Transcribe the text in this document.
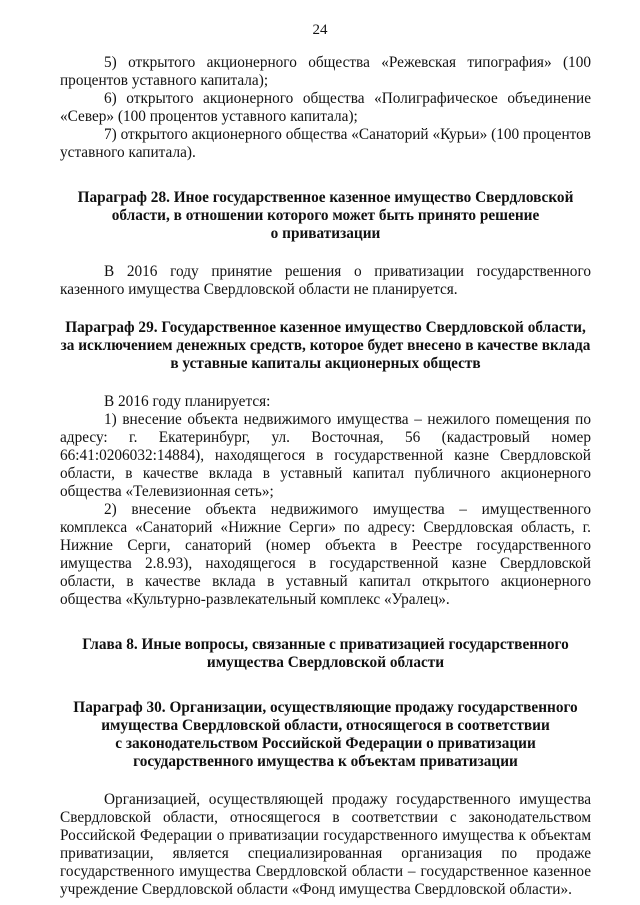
24

5) открытого акционерного общества «Режевская типография» (100 процентов уставного капитала);

6) открытого акционерного общества «Полиграфическое объединение «Север» (100 процентов уставного капитала);

7) открытого акционерного общества «Санаторий «Курьи» (100 процентов уставного капитала).

Параграф 28. Иное государственное казенное имущество Свердловской
области, в отношении которого может быть принято решение
о приватизации

В 2016 году принятие решения о приватизации государственного казенного имущества Свердловской области не планируется.

Параграф 29. Государственное казенное имущество Свердловской области,
за исключением денежных средств, которое будет внесено в качестве вклада
в уставные капиталы акционерных обществ

В 2016 году планируется:

1) внесение объекта недвижимого имущества – нежилого помещения по адресу: г. Екатеринбург, ул. Восточная, 56 (кадастровый номер 66:41:0206032:14884), находящегося в государственной казне Свердловской области, в качестве вклада в уставный капитал публичного акционерного общества «Телевизионная сеть»;

2) внесение объекта недвижимого имущества – имущественного комплекса «Санаторий «Нижние Серги» по адресу: Свердловская область, г. Нижние Серги, санаторий (номер объекта в Реестре государственного имущества 2.8.93), находящегося в государственной казне Свердловской области, в качестве вклада в уставный капитал открытого акционерного общества «Культурно-развлекательный комплекс «Уралец».

Глава 8. Иные вопросы, связанные с приватизацией государственного
имущества Свердловской области
Параграф 30. Организации, осуществляющие продажу государственного
имущества Свердловской области, относящегося в соответствии
с законодательством Российской Федерации о приватизации
государственного имущества к объектам приватизации

Организацией, осуществляющей продажу государственного имущества Свердловской области, относящегося в соответствии с законодательством Российской Федерации о приватизации государственного имущества к объектам приватизации, является специализированная организация по продаже государственного имущества Свердловской области – государственное казенное учреждение Свердловской области «Фонд имущества Свердловской области».
